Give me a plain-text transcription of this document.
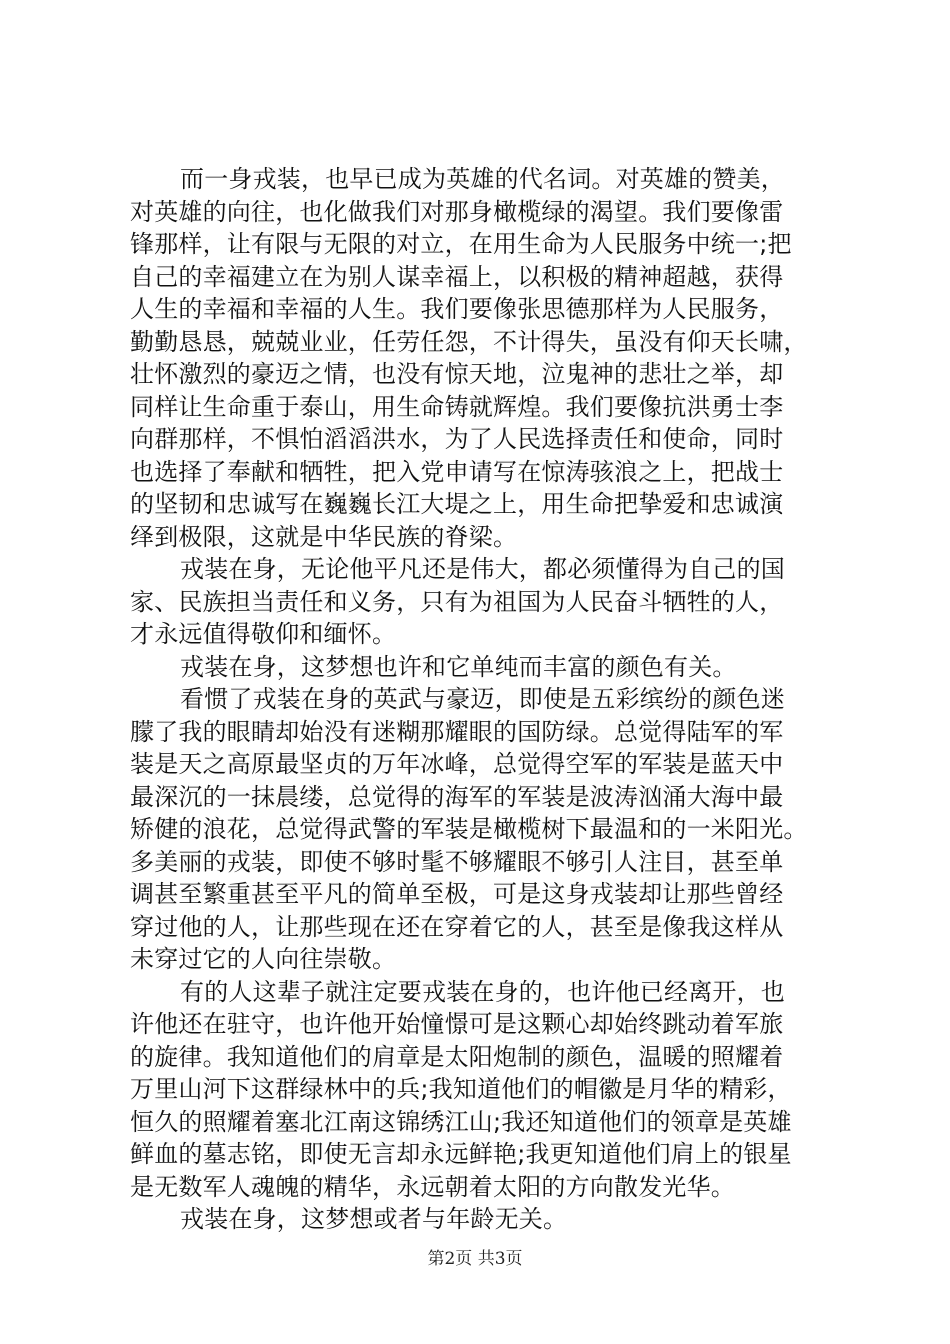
而一身戎装，也早已成为英雄的代名词。对英雄的赞美，
对英雄的向往，也化做我们对那身橄榄绿的渴望。我们要像雷
锋那样，让有限与无限的对立，在用生命为人民服务中统一;把
自己的幸福建立在为别人谋幸福上，以积极的精神超越，获得
人生的幸福和幸福的人生。我们要像张思德那样为人民服务，
勤勤恳恳，兢兢业业，任劳任怨，不计得失，虽没有仰天长啸，
壮怀激烈的豪迈之情，也没有惊天地，泣鬼神的悲壮之举，却
同样让生命重于泰山，用生命铸就辉煌。我们要像抗洪勇士李
向群那样，不惧怕滔滔洪水，为了人民选择责任和使命，同时
也选择了奉献和牺牲，把入党申请写在惊涛骇浪之上，把战士
的坚韧和忠诚写在巍巍长江大堤之上，用生命把挚爱和忠诚演
绎到极限，这就是中华民族的脊梁。
戎装在身，无论他平凡还是伟大，都必须懂得为自己的国
家、民族担当责任和义务，只有为祖国为人民奋斗牺牲的人，
才永远值得敬仰和缅怀。
戎装在身，这梦想也许和它单纯而丰富的颜色有关。
看惯了戎装在身的英武与豪迈，即使是五彩缤纷的颜色迷
朦了我的眼睛却始没有迷糊那耀眼的国防绿。总觉得陆军的军
装是天之高原最坚贞的万年冰峰，总觉得空军的军装是蓝天中
最深沉的一抹晨缕，总觉得的海军的军装是波涛汹涌大海中最
矫健的浪花，总觉得武警的军装是橄榄树下最温和的一米阳光。
多美丽的戎装，即使不够时髦不够耀眼不够引人注目，甚至单
调甚至繁重甚至平凡的简单至极，可是这身戎装却让那些曾经
穿过他的人，让那些现在还在穿着它的人，甚至是像我这样从
未穿过它的人向往崇敬。
有的人这辈子就注定要戎装在身的，也许他已经离开，也
许他还在驻守，也许他开始憧憬可是这颗心却始终跳动着军旅
的旋律。我知道他们的肩章是太阳炮制的颜色，温暖的照耀着
万里山河下这群绿林中的兵;我知道他们的帽徽是月华的精彩，
恒久的照耀着塞北江南这锦绣江山;我还知道他们的领章是英雄
鲜血的墓志铭，即使无言却永远鲜艳;我更知道他们肩上的银星
是无数军人魂魄的精华，永远朝着太阳的方向散发光华。
戎装在身，这梦想或者与年龄无关。
第2页 共3页
